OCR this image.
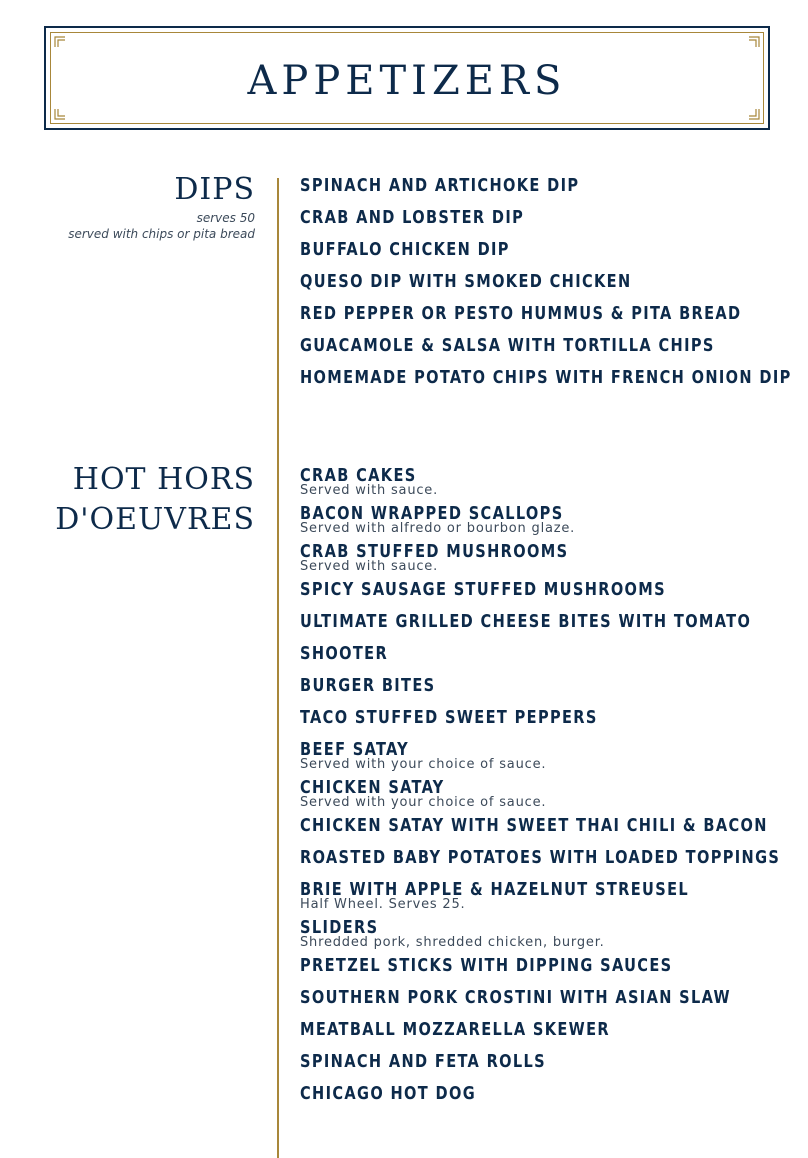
APPETIZERS
DIPS
serves 50
served with chips or pita bread
SPINACH AND ARTICHOKE DIP
CRAB AND LOBSTER DIP
BUFFALO CHICKEN DIP
QUESO DIP WITH SMOKED CHICKEN
RED PEPPER OR PESTO HUMMUS & PITA BREAD
GUACAMOLE & SALSA WITH TORTILLA CHIPS
HOMEMADE POTATO CHIPS WITH FRENCH ONION DIP
HOT HORS
D'OEUVRES
CRAB CAKES
Served with sauce.
BACON WRAPPED SCALLOPS
Served with alfredo or bourbon glaze.
CRAB STUFFED MUSHROOMS
Served with sauce.
SPICY SAUSAGE STUFFED MUSHROOMS
ULTIMATE GRILLED CHEESE BITES WITH TOMATO SHOOTER
BURGER BITES
TACO STUFFED SWEET PEPPERS
BEEF SATAY
Served with your choice of sauce.
CHICKEN SATAY
Served with your choice of sauce.
CHICKEN SATAY WITH SWEET THAI CHILI & BACON
ROASTED BABY POTATOES WITH LOADED TOPPINGS
BRIE WITH APPLE & HAZELNUT STREUSEL
Half Wheel. Serves 25.
SLIDERS
Shredded pork, shredded chicken, burger.
PRETZEL STICKS WITH DIPPING SAUCES
SOUTHERN PORK CROSTINI WITH ASIAN SLAW
MEATBALL MOZZARELLA SKEWER
SPINACH AND FETA ROLLS
CHICAGO HOT DOG
